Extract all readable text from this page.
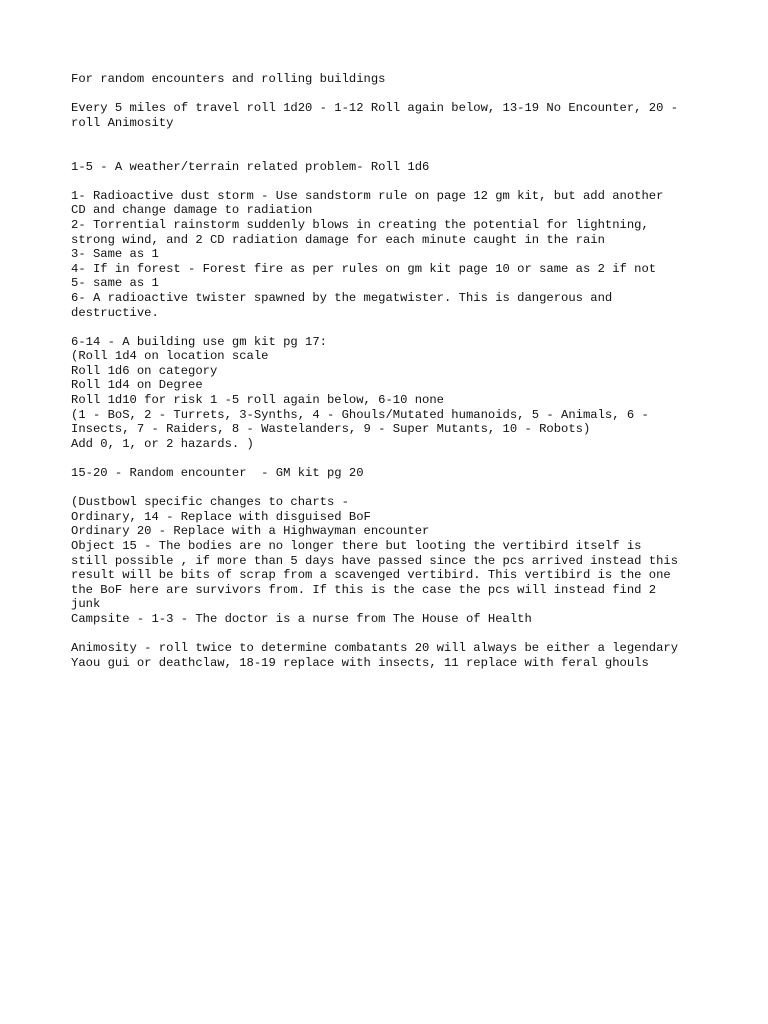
For random encounters and rolling buildings
Every 5 miles of travel roll 1d20 - 1-12 Roll again below, 13-19 No Encounter, 20 -
roll Animosity
1-5 - A weather/terrain related problem- Roll 1d6
1- Radioactive dust storm - Use sandstorm rule on page 12 gm kit, but add another
CD and change damage to radiation
2- Torrential rainstorm suddenly blows in creating the potential for lightning,
strong wind, and 2 CD radiation damage for each minute caught in the rain
3- Same as 1
4- If in forest - Forest fire as per rules on gm kit page 10 or same as 2 if not
5- same as 1
6- A radioactive twister spawned by the megatwister. This is dangerous and
destructive.
6-14 - A building use gm kit pg 17:
(Roll 1d4 on location scale
Roll 1d6 on category
Roll 1d4 on Degree
Roll 1d10 for risk 1 -5 roll again below, 6-10 none
(1 - BoS, 2 - Turrets, 3-Synths, 4 - Ghouls/Mutated humanoids, 5 - Animals, 6 -
Insects, 7 - Raiders, 8 - Wastelanders, 9 - Super Mutants, 10 - Robots)
Add 0, 1, or 2 hazards. )
15-20 - Random encounter  - GM kit pg 20
(Dustbowl specific changes to charts -
Ordinary, 14 - Replace with disguised BoF
Ordinary 20 - Replace with a Highwayman encounter
Object 15 - The bodies are no longer there but looting the vertibird itself is
still possible , if more than 5 days have passed since the pcs arrived instead this
result will be bits of scrap from a scavenged vertibird. This vertibird is the one
the BoF here are survivors from. If this is the case the pcs will instead find 2
junk
Campsite - 1-3 - The doctor is a nurse from The House of Health
Animosity - roll twice to determine combatants 20 will always be either a legendary
Yaou gui or deathclaw, 18-19 replace with insects, 11 replace with feral ghouls
